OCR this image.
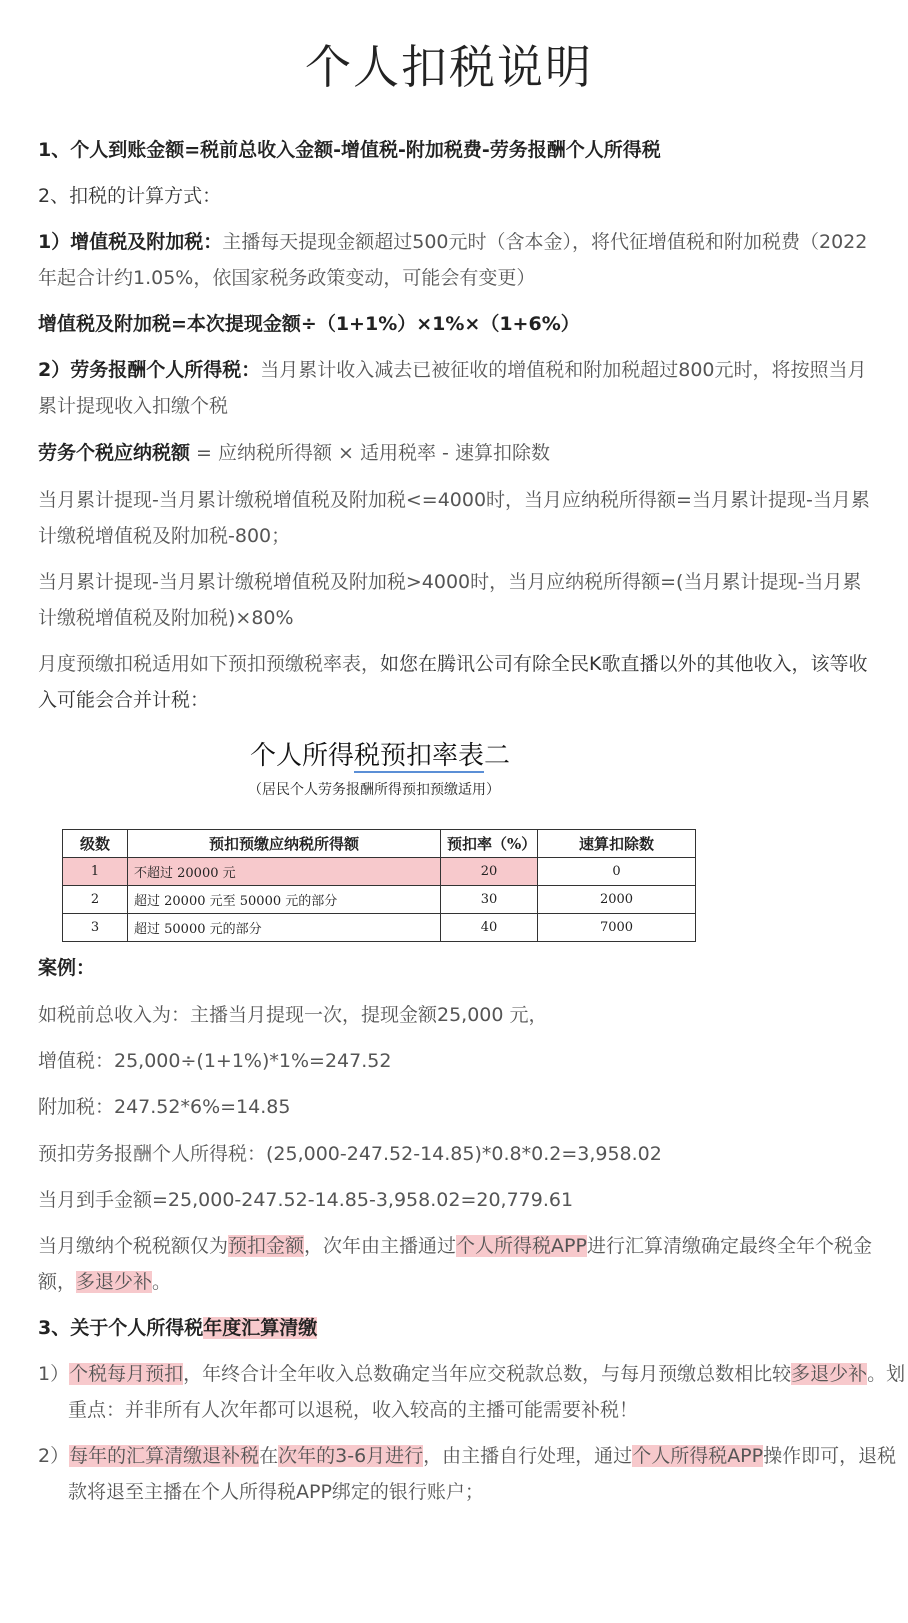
个人扣税说明
1、个人到账金额=税前总收入金额-增值税-附加税费-劳务报酬个人所得税
2、扣税的计算方式：
1）增值税及附加税：主播每天提现金额超过500元时（含本金），将代征增值税和附加税费（2022年起合计约1.05%，依国家税务政策变动，可能会有变更）
增值税及附加税=本次提现金额÷（1+1%）×1%×（1+6%）
2）劳务报酬个人所得税：当月累计收入减去已被征收的增值税和附加税超过800元时，将按照当月累计提现收入扣缴个税
劳务个税应纳税额 = 应纳税所得额 × 适用税率 - 速算扣除数
当月累计提现-当月累计缴税增值税及附加税<=4000时，当月应纳税所得额=当月累计提现-当月累计缴税增值税及附加税-800；
当月累计提现-当月累计缴税增值税及附加税>4000时，当月应纳税所得额=(当月累计提现-当月累计缴税增值税及附加税)×80%
月度预缴扣税适用如下预扣预缴税率表，如您在腾讯公司有除全民K歌直播以外的其他收入，该等收入可能会合并计税：
个人所得税预扣率表二
（居民个人劳务报酬所得预扣预缴适用）
级数	预扣预缴应纳税所得额	预扣率（%）	速算扣除数
1	不超过 20000 元	20	0
2	超过 20000 元至 50000 元的部分	30	2000
3	超过 50000 元的部分	40	7000
案例：
如税前总收入为：主播当月提现一次，提现金额25,000 元，
增值税：25,000÷(1+1%)*1%=247.52
附加税：247.52*6%=14.85
预扣劳务报酬个人所得税：(25,000-247.52-14.85)*0.8*0.2=3,958.02
当月到手金额=25,000-247.52-14.85-3,958.02=20,779.61
当月缴纳个税税额仅为预扣金额，次年由主播通过个人所得税APP进行汇算清缴确定最终全年个税金额，多退少补。
3、关于个人所得税年度汇算清缴
1）个税每月预扣，年终合计全年收入总数确定当年应交税款总数，与每月预缴总数相比较多退少补。划重点：并非所有人次年都可以退税，收入较高的主播可能需要补税！
2）每年的汇算清缴退补税在次年的3-6月进行，由主播自行处理，通过个人所得税APP操作即可，退税款将退至主播在个人所得税APP绑定的银行账户；
